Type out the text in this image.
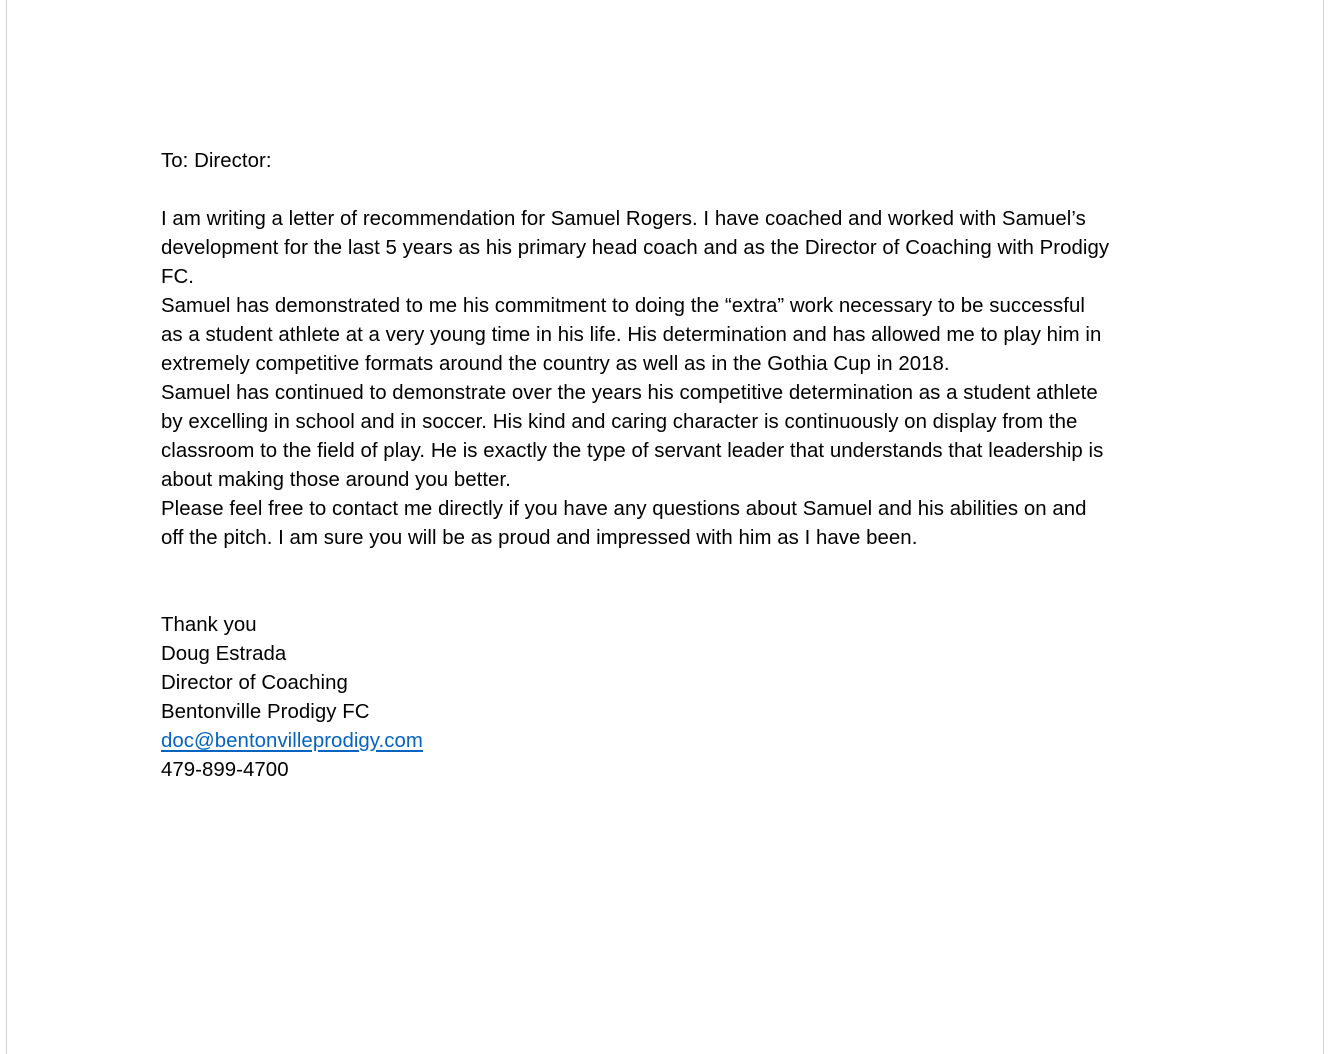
To: Director:
I am writing a letter of recommendation for Samuel Rogers. I have coached and worked with Samuel’s
development for the last 5 years as his primary head coach and as the Director of Coaching with Prodigy
FC.
Samuel has demonstrated to me his commitment to doing the “extra” work necessary to be successful
as a student athlete at a very young time in his life. His determination and has allowed me to play him in
extremely competitive formats around the country as well as in the Gothia Cup in 2018.
Samuel has continued to demonstrate over the years his competitive determination as a student athlete
by excelling in school and in soccer. His kind and caring character is continuously on display from the
classroom to the field of play. He is exactly the type of servant leader that understands that leadership is
about making those around you better.
Please feel free to contact me directly if you have any questions about Samuel and his abilities on and
off the pitch. I am sure you will be as proud and impressed with him as I have been.
Thank you
Doug Estrada
Director of Coaching
Bentonville Prodigy FC
doc@bentonvilleprodigy.com
479-899-4700
